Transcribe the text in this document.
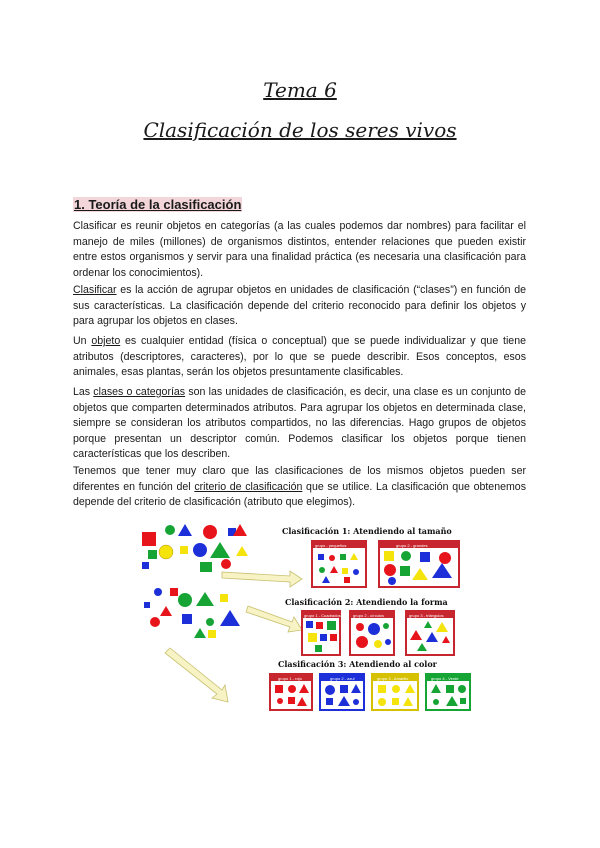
Tema 6
Clasificación de los seres vivos
1. Teoría de la clasificación

Clasificar es reunir objetos en categorías (a las cuales podemos dar nombres) para facilitar el manejo de miles (millones) de organismos distintos, entender relaciones que pueden existir entre estos organismos y servir para una finalidad práctica (es necesaria una clasificación para ordenar los conocimientos).

Clasificar es la acción de agrupar objetos en unidades de clasificación (“clases”) en función de sus características. La clasificación depende del criterio reconocido para definir los objetos y para agrupar los objetos en clases.

Un objeto es cualquier entidad (física o conceptual) que se puede individualizar y que tiene atributos (descriptores, caracteres), por lo que se puede describir. Esos conceptos, esos animales, esas plantas, serán los objetos presuntamente clasificables.

Las clases o categorías son las unidades de clasificación, es decir, una clase es un conjunto de objetos que comparten determinados atributos. Para agrupar los objetos en determinada clase, siempre se consideran los atributos compartidos, no las diferencias. Hago grupos de objetos porque presentan un descriptor común. Podemos clasificar los objetos porque tienen características que los describen.

Tenemos que tener muy claro que las clasificaciones de los mismos objetos pueden ser diferentes en función del criterio de clasificación que se utilice. La clasificación que obtenemos depende del criterio de clasificación (atributo que elegimos).

Clasificación 1: Atendiendo al tamaño
Clasificación 2: Atendiendo la forma
Clasificación 3: Atendiendo al color
grupo - pequeños	grupo 2 - grandes
grupo 1 - Cuadrados	grupo 2 - círculos	grupo 3 - triángulos
grupo 1 - rojo	grupo 2 - azul	grupo 3 - Amarillo	grupo 4 - Verde
